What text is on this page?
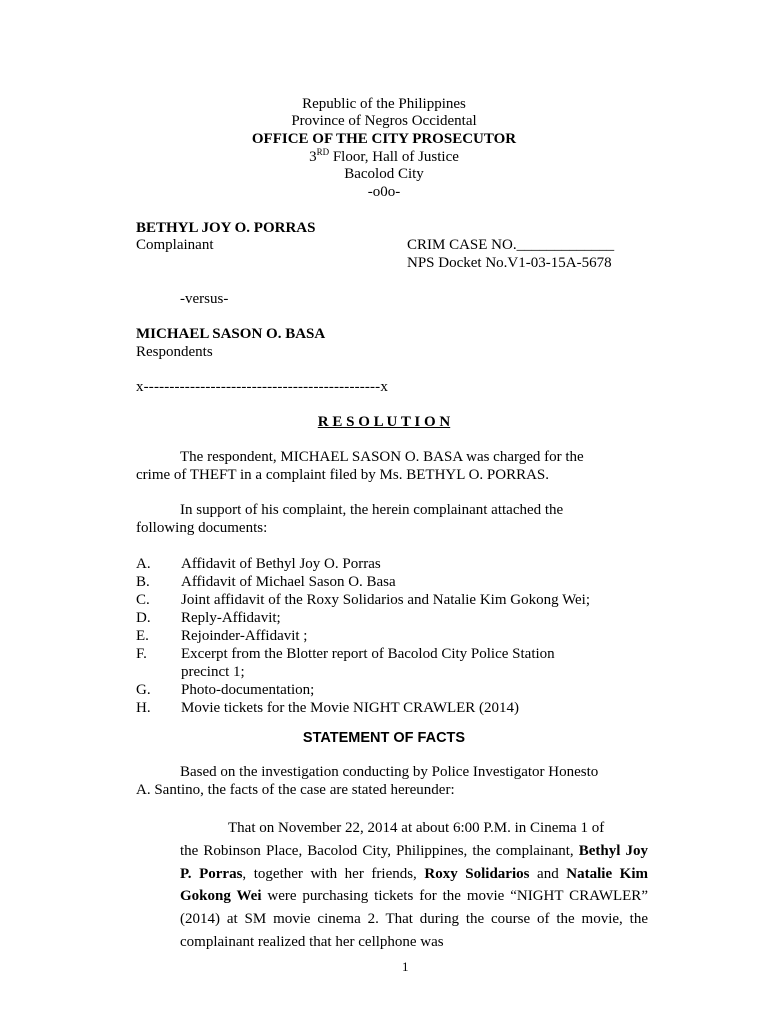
Republic of the Philippines
Province of Negros Occidental
OFFICE OF THE CITY PROSECUTOR
3RD Floor, Hall of Justice
Bacolod City
-o0o-
BETHYL JOY O. PORRAS
Complainant	CRIM CASE NO._____________
NPS Docket No.V1-03-15A-5678
-versus-
MICHAEL SASON O. BASA
Respondents
x----------------------------------------------x
R E S O L U T I O N
The respondent, MICHAEL SASON O. BASA was charged for the
crime of THEFT in a complaint filed by Ms. BETHYL O. PORRAS.
In support of his complaint, the herein complainant attached the
following documents:
A.	Affidavit of Bethyl Joy O. Porras
B.	Affidavit of Michael Sason O. Basa
C.	Joint affidavit of the Roxy Solidarios and Natalie Kim Gokong Wei;
D.	Reply-Affidavit;
E.	Rejoinder-Affidavit ;
F.	Excerpt from the Blotter report of Bacolod City Police Station
precinct 1;
G.	Photo-documentation;
H.	Movie tickets for the Movie NIGHT CRAWLER (2014)
STATEMENT OF FACTS
Based on the investigation conducting by Police Investigator Honesto
A. Santino, the facts of the case are stated hereunder:

That on November 22, 2014 at about 6:00 P.M. in Cinema 1 of
the Robinson Place, Bacolod City, Philippines, the complainant, Bethyl Joy P. Porras, together with her friends, Roxy Solidarios and Natalie Kim Gokong Wei were purchasing tickets for the movie “NIGHT CRAWLER” (2014) at SM movie cinema 2. That during the course of the movie, the complainant realized that her cellphone was

1
